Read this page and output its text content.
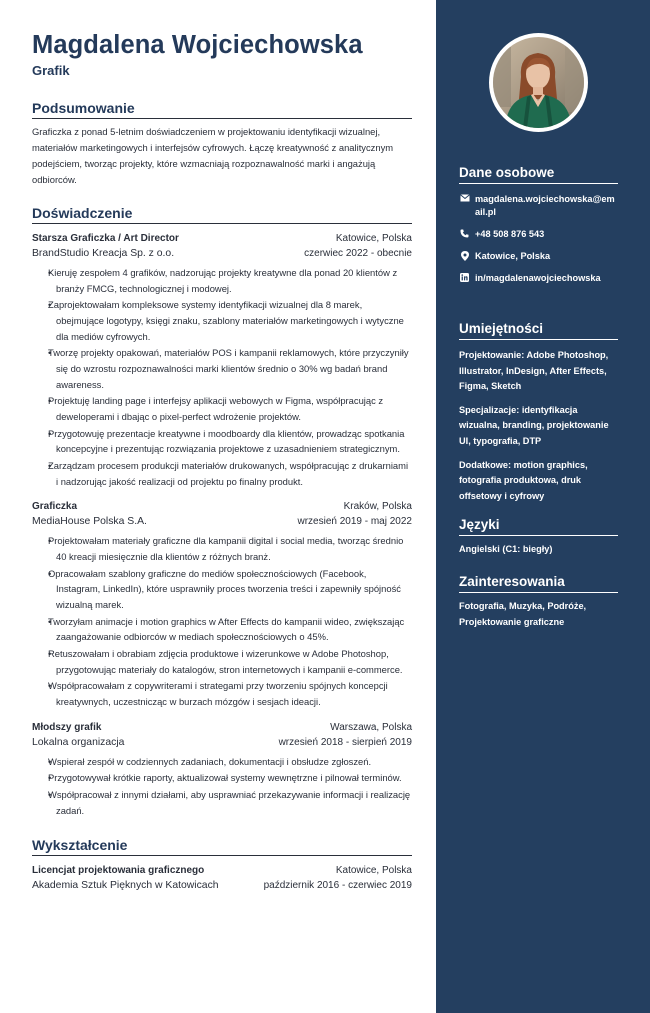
Magdalena Wojciechowska
Grafik
Podsumowanie
Graficzka z ponad 5-letnim doświadczeniem w projektowaniu identyfikacji wizualnej, materiałów marketingowych i interfejsów cyfrowych. Łączę kreatywność z analitycznym podejściem, tworząc projekty, które wzmacniają rozpoznawalność marki i angażują odbiorców.
Doświadczenie
Starsza Graficzka / Art Director	Katowice, Polska
BrandStudio Kreacja Sp. z o.o.	czerwiec 2022 - obecnie
• Kieruję zespołem 4 grafików, nadzorując projekty kreatywne dla ponad 20 klientów z branży FMCG, technologicznej i modowej.
• Zaprojektowałam kompleksowe systemy identyfikacji wizualnej dla 8 marek, obejmujące logotypy, księgi znaku, szablony materiałów marketingowych i wytyczne dla mediów cyfrowych.
• Tworzę projekty opakowań, materiałów POS i kampanii reklamowych, które przyczyniły się do wzrostu rozpoznawalności marki klientów średnio o 30% wg badań brand awareness.
• Projektuję landing page i interfejsy aplikacji webowych w Figma, współpracując z deweloperami i dbając o pixel-perfect wdrożenie projektów.
• Przygotowuję prezentacje kreatywne i moodboardy dla klientów, prowadząc spotkania koncepcyjne i prezentując rozwiązania projektowe z uzasadnieniem strategicznym.
• Zarządzam procesem produkcji materiałów drukowanych, współpracując z drukarniami i nadzorując jakość realizacji od projektu po finalny produkt.
Graficzka	Kraków, Polska
MediaHouse Polska S.A.	wrzesień 2019 - maj 2022
• Projektowałam materiały graficzne dla kampanii digital i social media, tworząc średnio 40 kreacji miesięcznie dla klientów z różnych branż.
• Opracowałam szablony graficzne do mediów społecznościowych (Facebook, Instagram, LinkedIn), które usprawniły proces tworzenia treści i zapewniły spójność wizualną marek.
• Tworzyłam animacje i motion graphics w After Effects do kampanii wideo, zwiększając zaangażowanie odbiorców w mediach społecznościowych o 45%.
• Retuszowałam i obrabiam zdjęcia produktowe i wizerunkowe w Adobe Photoshop, przygotowując materiały do katalogów, stron internetowych i kampanii e-commerce.
• Współpracowałam z copywriterami i strategami przy tworzeniu spójnych koncepcji kreatywnych, uczestnicząc w burzach mózgów i sesjach ideacji.
Młodszy grafik	Warszawa, Polska
Lokalna organizacja	wrzesień 2018 - sierpień 2019
• Wspierał zespół w codziennych zadaniach, dokumentacji i obsłudze zgłoszeń.
• Przygotowywał krótkie raporty, aktualizował systemy wewnętrzne i pilnował terminów.
• Współpracował z innymi działami, aby usprawniać przekazywanie informacji i realizację zadań.
Wykształcenie
Licencjat projektowania graficznego	Katowice, Polska
Akademia Sztuk Pięknych w Katowicach	październik 2016 - czerwiec 2019
Dane osobowe
magdalena.wojciechowska@email.pl
+48 508 876 543
Katowice, Polska
in/magdalenawojciechowska
Umiejętności
Projektowanie: Adobe Photoshop, Illustrator, InDesign, After Effects, Figma, Sketch
Specjalizacje: identyfikacja wizualna, branding, projektowanie UI, typografia, DTP
Dodatkowe: motion graphics, fotografia produktowa, druk offsetowy i cyfrowy
Języki
Angielski (C1: biegły)
Zainteresowania
Fotografia, Muzyka, Podróże, Projektowanie graficzne
